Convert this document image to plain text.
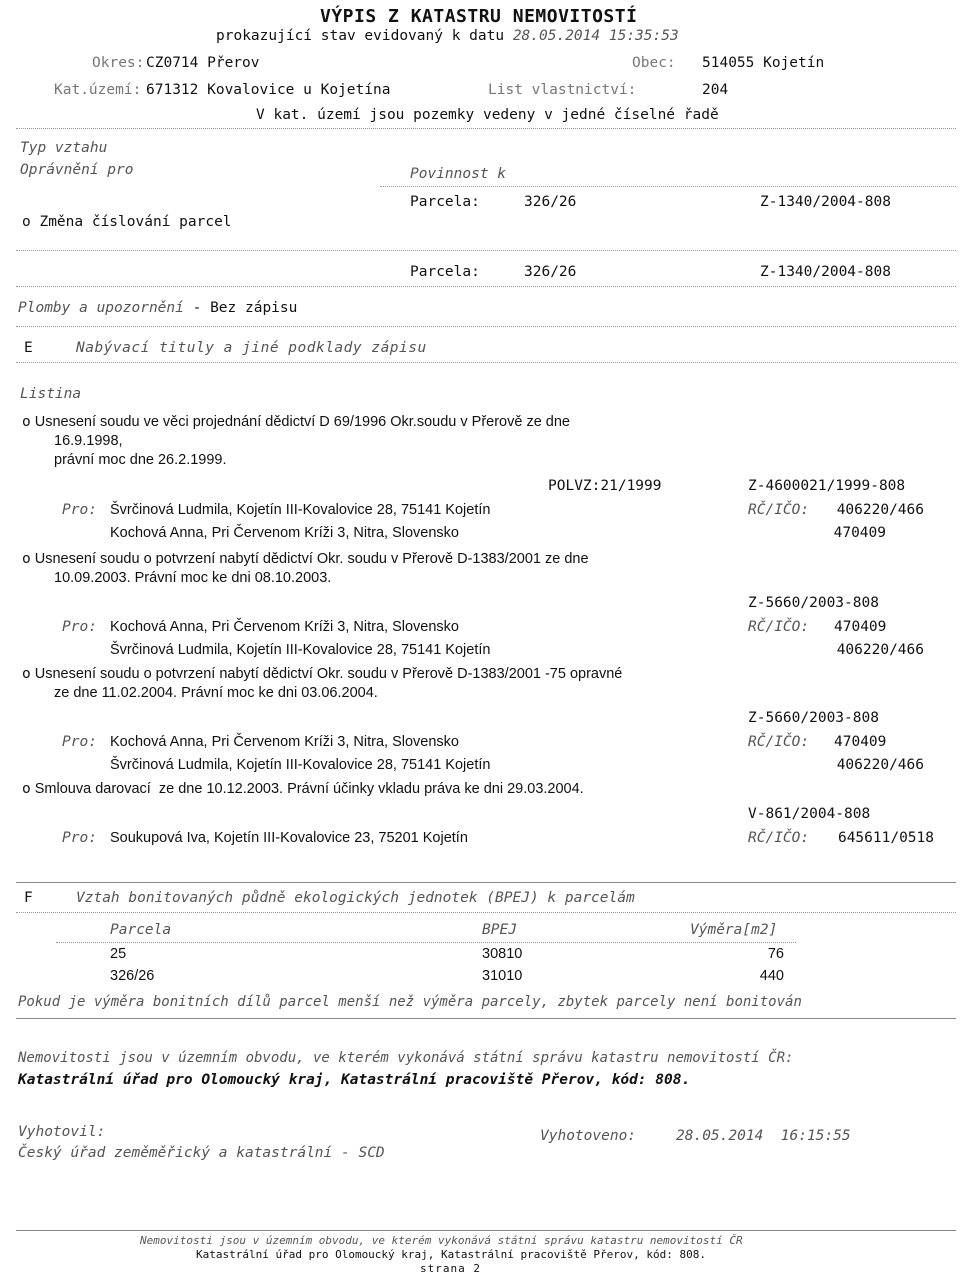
VÝPIS Z KATASTRU NEMOVITOSTÍ
prokazující stav evidovaný k datu 28.05.2014 15:35:53
Okres: CZ0714 Přerov	Obec: 514055 Kojetín
Kat.území: 671312 Kovalovice u Kojetína	List vlastnictví:	204
V kat. území jsou pozemky vedeny v jedné číselné řadě
Typ vztahu
Oprávnění pro	Povinnost k
o Změna číslování parcel
Parcela:	326/26	Z-1340/2004-808
Parcela:	326/26	Z-1340/2004-808
Plomby a upozornění - Bez zápisu
E	Nabývací tituly a jiné podklady zápisu
Listina
o Usnesení soudu ve věci projednání dědictví D 69/1996 Okr.soudu v Přerově ze dne
16.9.1998,
právní moc dne 26.2.1999.
POLVZ:21/1999	Z-4600021/1999-808
Pro: Švrčinová Ludmila, Kojetín III-Kovalovice 28, 75141 Kojetín	RČ/IČO: 406220/466
Kochová Anna, Pri Červenom Kríži 3, Nitra, Slovensko	470409
o Usnesení soudu o potvrzení nabytí dědictví Okr. soudu v Přerově D-1383/2001 ze dne
10.09.2003. Právní moc ke dni 08.10.2003.
Z-5660/2003-808
Pro: Kochová Anna, Pri Červenom Kríži 3, Nitra, Slovensko	RČ/IČO: 470409
Švrčinová Ludmila, Kojetín III-Kovalovice 28, 75141 Kojetín	406220/466
o Usnesení soudu o potvrzení nabytí dědictví Okr. soudu v Přerově D-1383/2001 -75 opravné
ze dne 11.02.2004. Právní moc ke dni 03.06.2004.
Z-5660/2003-808
Pro: Kochová Anna, Pri Červenom Kríži 3, Nitra, Slovensko	RČ/IČO: 470409
Švrčinová Ludmila, Kojetín III-Kovalovice 28, 75141 Kojetín	406220/466
o Smlouva darovací  ze dne 10.12.2003. Právní účinky vkladu práva ke dni 29.03.2004.
V-861/2004-808
Pro: Soukupová Iva, Kojetín III-Kovalovice 23, 75201 Kojetín	RČ/IČO: 645611/0518
F	Vztah bonitovaných půdně ekologických jednotek (BPEJ) k parcelám
Parcela	BPEJ	Výměra[m2]
25	30810	76
326/26	31010	440
Pokud je výměra bonitních dílů parcel menší než výměra parcely, zbytek parcely není bonitován
Nemovitosti jsou v územním obvodu, ve kterém vykonává státní správu katastru nemovitostí ČR:
Katastrální úřad pro Olomoucký kraj, Katastrální pracoviště Přerov, kód: 808.
Vyhotovil:
Český úřad zeměměřický a katastrální - SCD
Vyhotoveno:	28.05.2014  16:15:55
Nemovitosti jsou v územním obvodu, ve kterém vykonává státní správu katastru nemovitostí ČR
Katastrální úřad pro Olomoucký kraj, Katastrální pracoviště Přerov, kód: 808.
strana 2
